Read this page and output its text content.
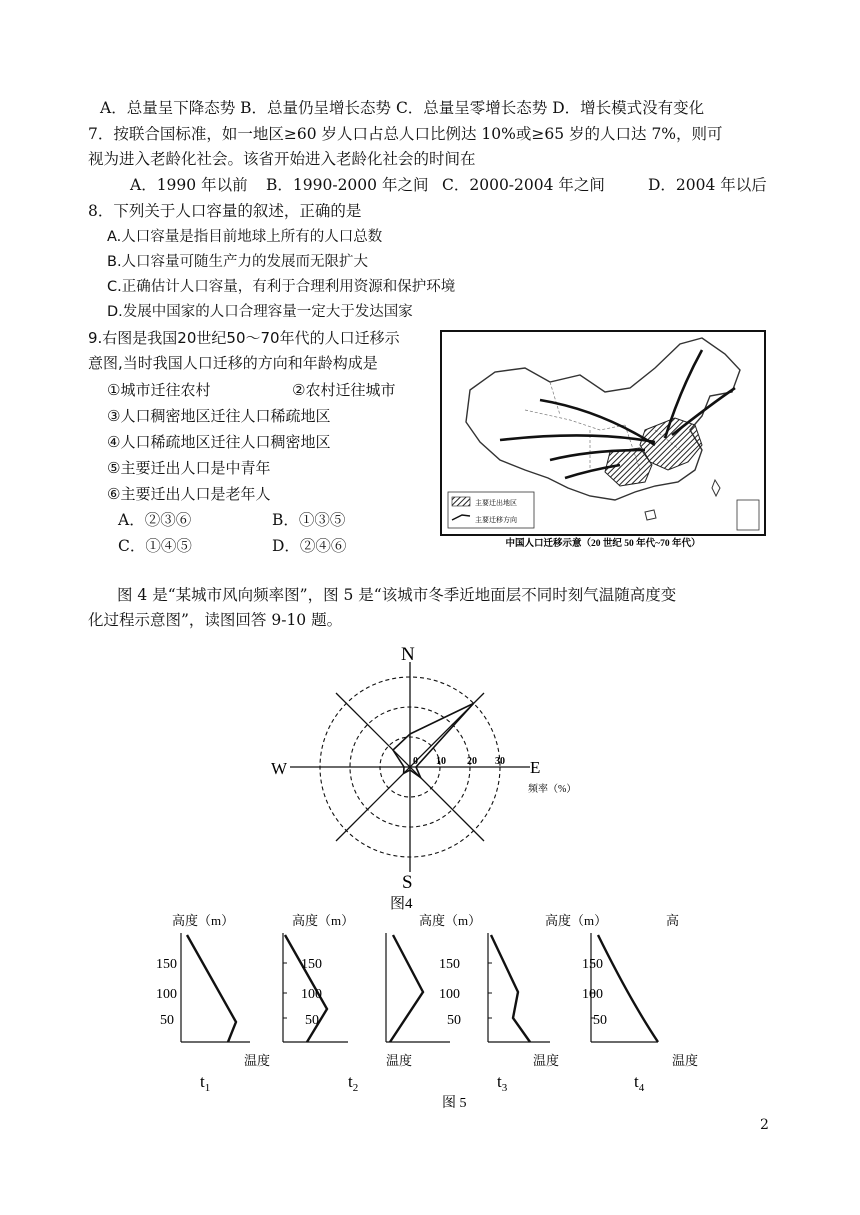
A．总量呈下降态势 B．总量仍呈增长态势 C．总量呈零增长态势 D．增长模式没有变化
7．按联合国标准，如一地区≥60 岁人口占总人口比例达 10%或≥65 岁的人口达 7%，则可
视为进入老龄化社会。该省开始进入老龄化社会的时间在
A．1990 年以前 B．1990-2000 年之间 C．2000-2004 年之间	D．2004 年以后
8．下列关于人口容量的叙述，正确的是
A.人口容量是指目前地球上所有的人口总数
B.人口容量可随生产力的发展而无限扩大
C.正确估计人口容量，有利于合理利用资源和保护环境
D.发展中国家的人口合理容量一定大于发达国家
9.右图是我国20世纪50～70年代的人口迁移示
意图,当时我国人口迁移的方向和年龄构成是
①城市迁往农村	②农村迁往城市
③人口稠密地区迁往人口稀疏地区
④人口稀疏地区迁往人口稠密地区
⑤主要迁出人口是中青年
⑥主要迁出人口是老年人
A．②③⑥	B．①③⑤
C．①④⑤	D．②④⑥
主要迁出地区
主要迁移方向
中国人口迁移示意（20 世纪 50 年代~70 年代）
图 4 是“某城市风向频率图”，图 5 是“该城市冬季近地面层不同时刻气温随高度变
化过程示意图”，读图回答 9-10 题。
N
S
W	E
0 10 20 30
频率（%）
图4
高度（m）
150
100
50
温度
$t_1$
高度（m）
150
100
50
$t_2$
高度（m）
150
100
50
温度
$t_3$
高度（m）
温度
$t_4$
高
150
100
50
温度
图 5
2
